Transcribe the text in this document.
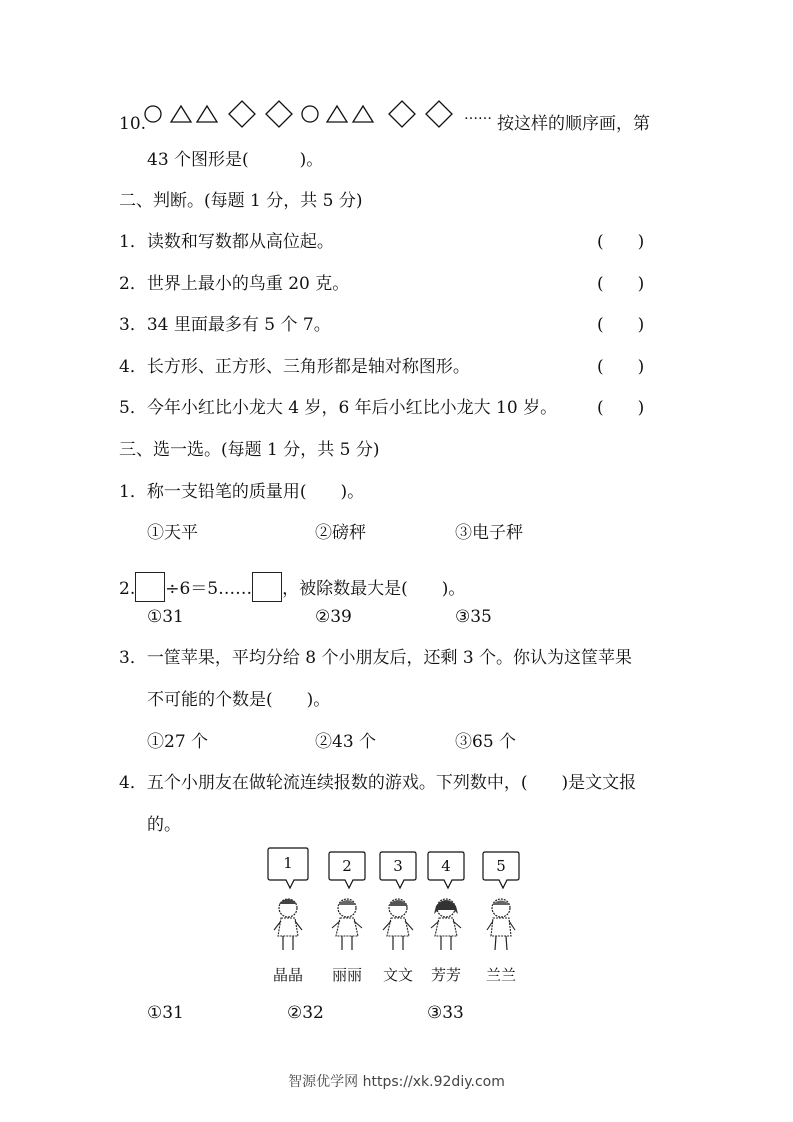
10.	…… 按这样的顺序画，第
43 个图形是(　　　)。
二、判断。(每题 1 分，共 5 分)
1．读数和写数都从高位起。	(　　)
2．世界上最小的鸟重 20 克。	(　　)
3．34 里面最多有 5 个 7。	(　　)
4．长方形、正方形、三角形都是轴对称图形。	(　　)
5．今年小红比小龙大 4 岁，6 年后小红比小龙大 10 岁。 (　　)
三、选一选。(每题 1 分，共 5 分)
1．称一支铅笔的质量用(　　)。
①天平	②磅秤	③电子秤
2. ÷6＝5…… ，被除数最大是(　　)。
①31	②39	③35
3．一筐苹果，平均分给 8 个小朋友后，还剩 3 个。你认为这筐苹果
不可能的个数是(　　)。
①27 个	②43 个	③65 个
4．五个小朋友在做轮流连续报数的游戏。下列数中，(　　)是文文报
的。
1
晶晶
2
丽丽
3
文文
4
芳芳
5
兰兰
①31	②32	③33
智源优学网 https://xk.92diy.com
